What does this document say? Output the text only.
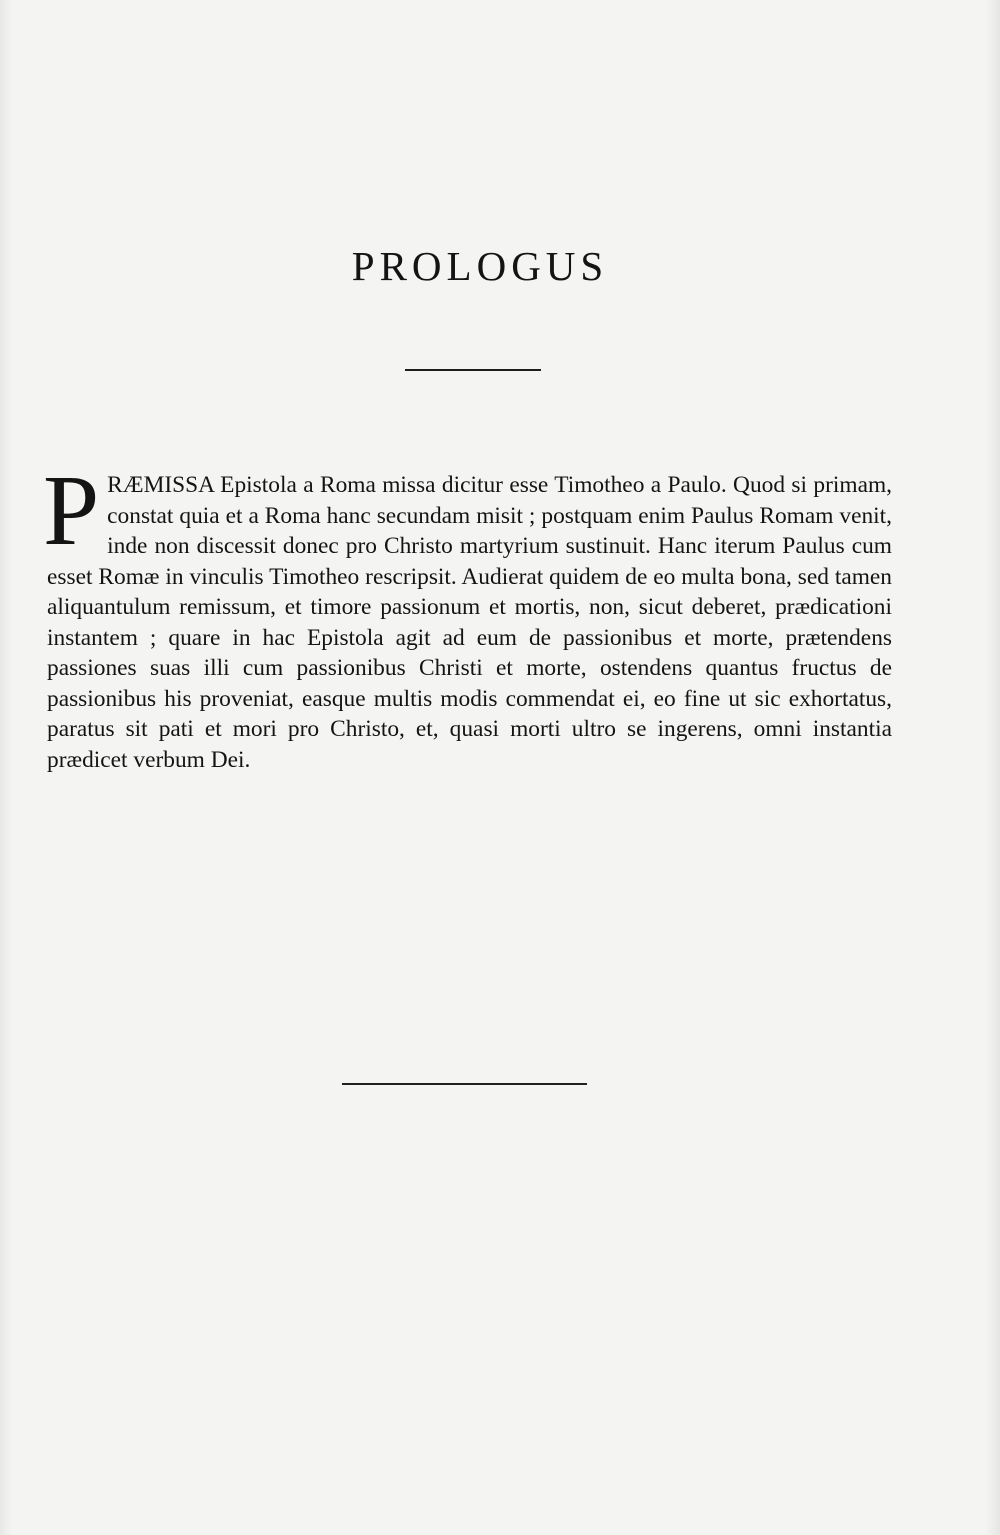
PROLOGUS

PRÆMISSA Epistola a Roma missa dicitur esse Timotheo a Paulo. Quod si primam, constat quia et a Roma hanc secundam misit ; postquam enim Paulus Romam venit, inde non discessit donec pro Christo martyrium sustinuit. Hanc iterum Paulus cum esset Romæ in vinculis Timotheo rescripsit. Audierat quidem de eo multa bona, sed tamen aliquantulum remissum, et timore passionum et mortis, non, sicut deberet, prædicationi instantem ; quare in hac Epistola agit ad eum de passionibus et morte, prætendens passiones suas illi cum passionibus Christi et morte, ostendens quantus fructus de passionibus his proveniat, easque multis modis commendat ei, eo fine ut sic exhortatus, paratus sit pati et mori pro Christo, et, quasi morti ultro se ingerens, omni instantia prædicet verbum Dei.
